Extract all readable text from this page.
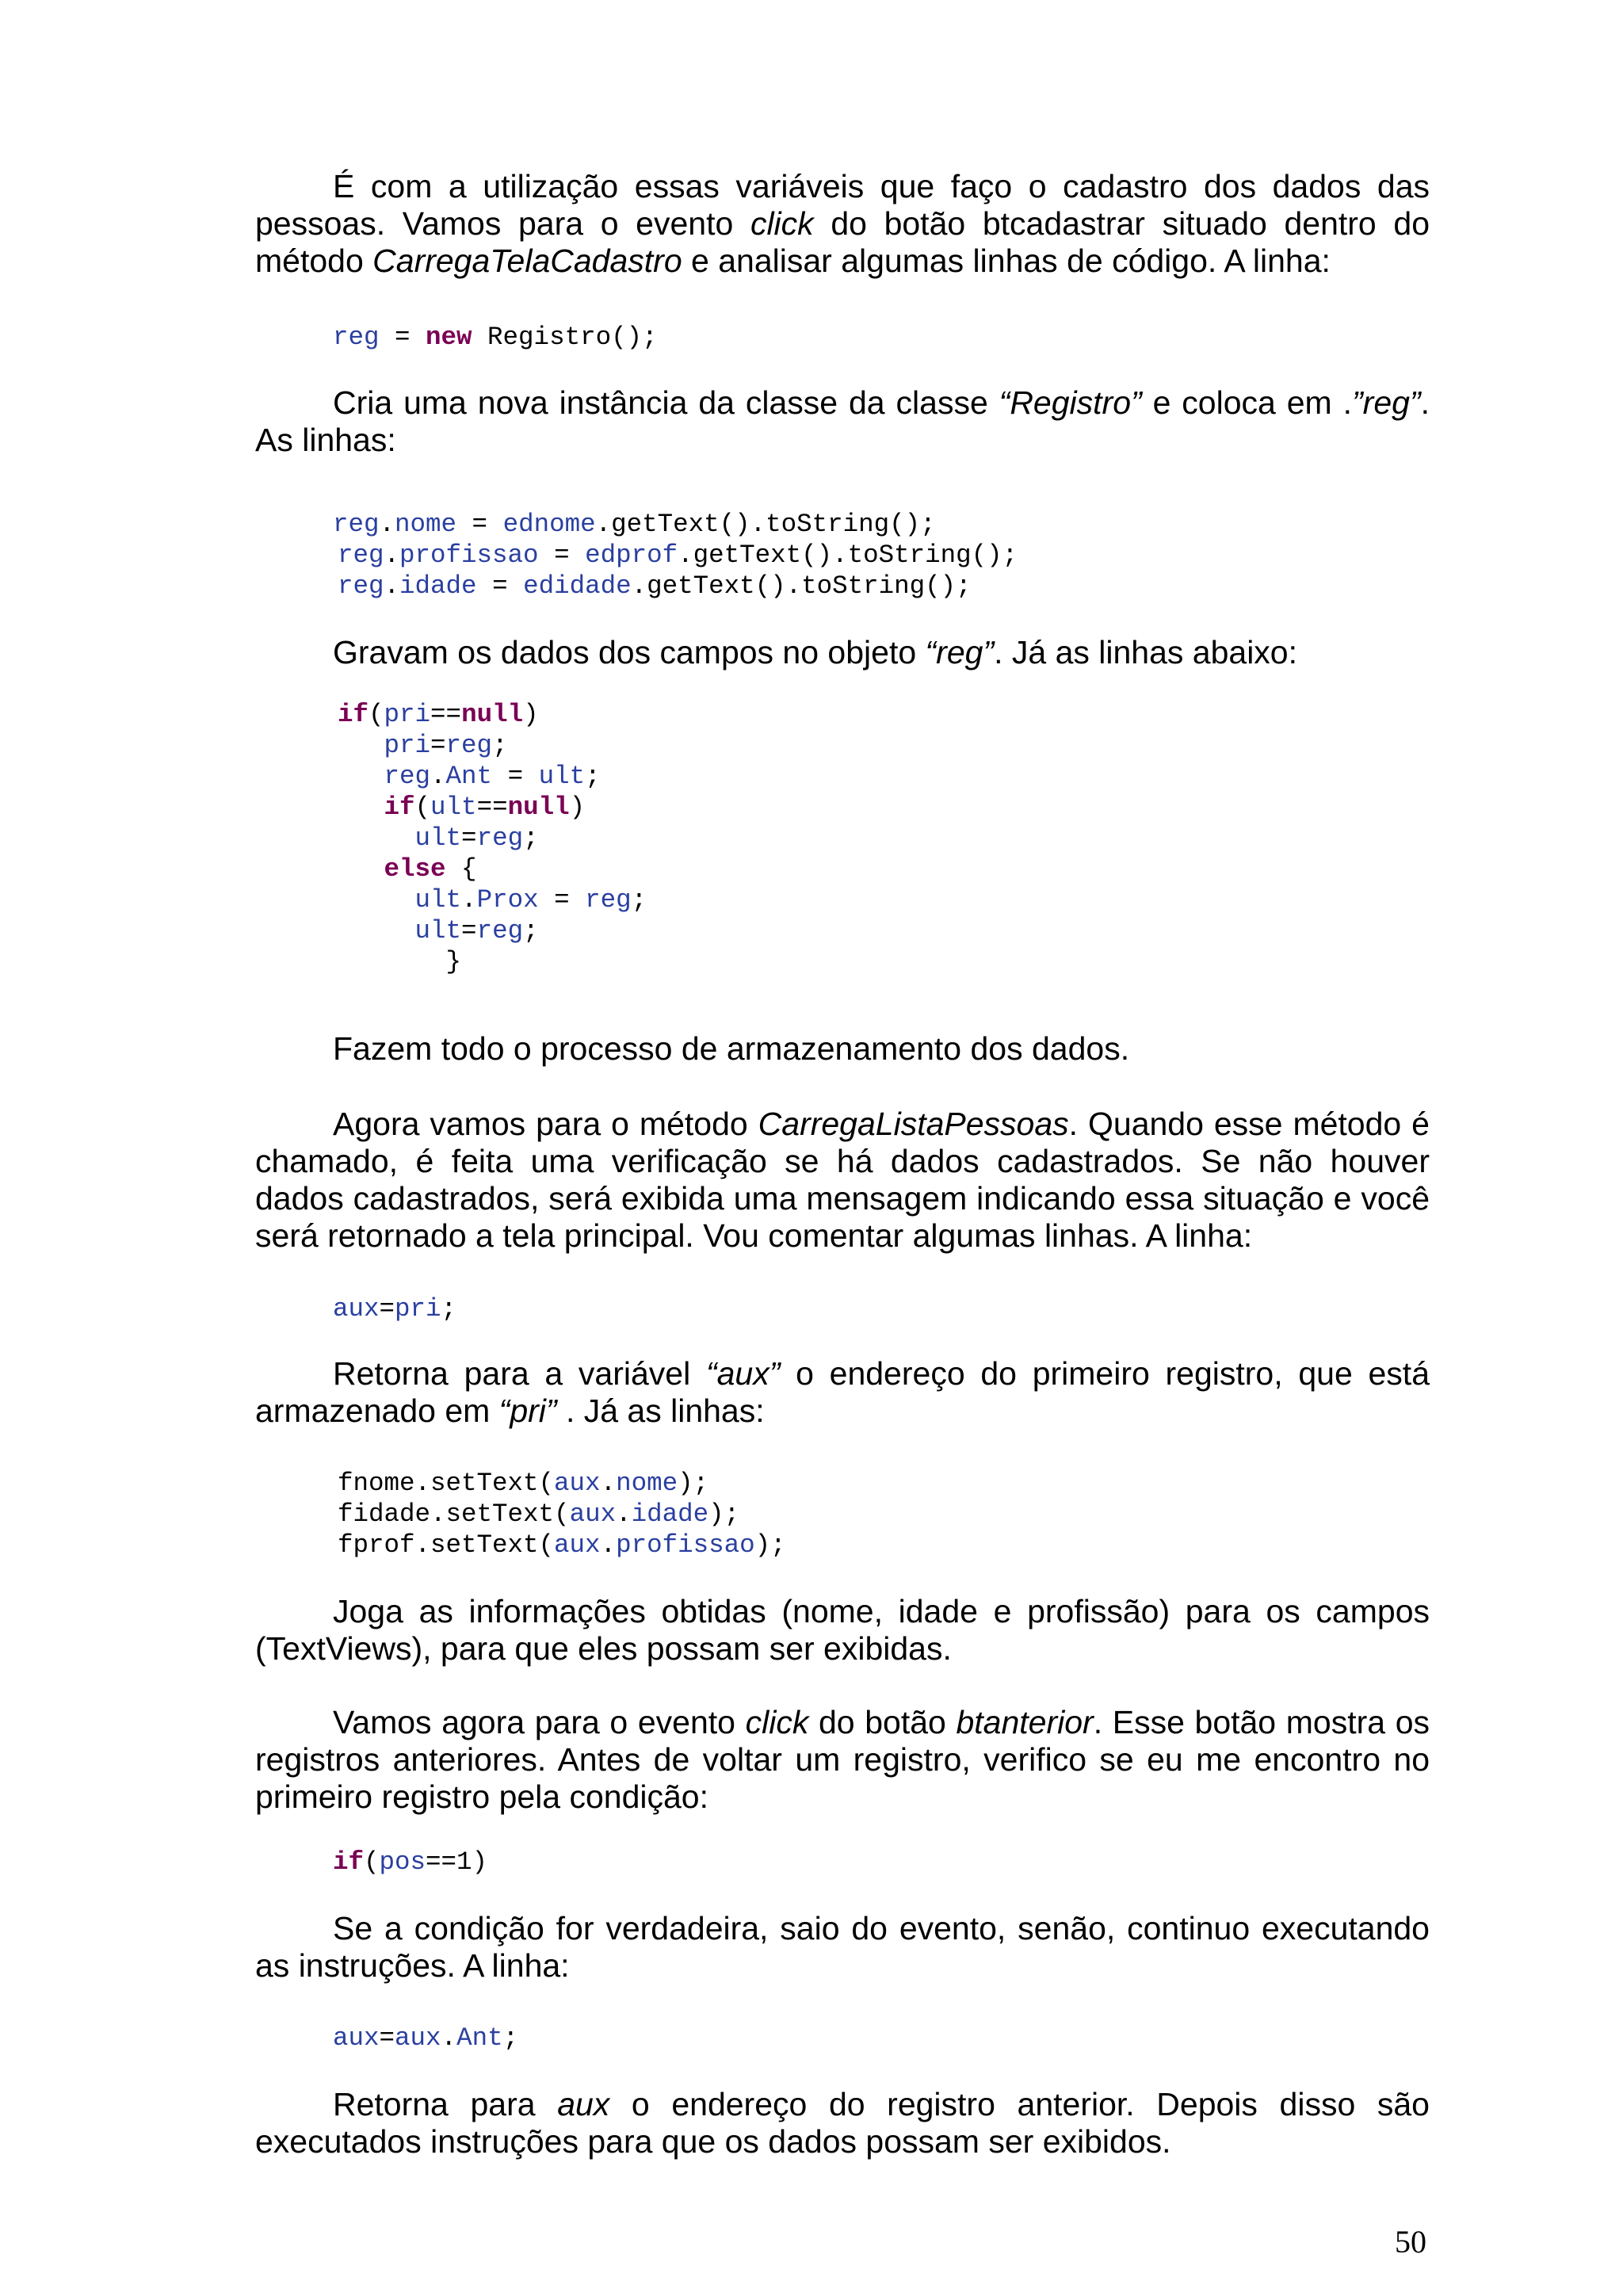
É com a utilização essas variáveis que faço o cadastro dos dados das pessoas. Vamos para o evento click do botão btcadastrar situado dentro do método CarregaTelaCadastro e analisar algumas linhas de código. A linha:

reg = new Registro();

Cria uma nova instância da classe da classe “Registro” e coloca em .”reg”. As linhas:

reg.nome = ednome.getText().toString();
reg.profissao = edprof.getText().toString();
reg.idade = edidade.getText().toString();

Gravam os dados dos campos no objeto “reg”. Já as linhas abaixo:

if(pri==null)
pri=reg;
reg.Ant = ult;
if(ult==null)
ult=reg;
else {
ult.Prox = reg;
ult=reg;
}

Fazem todo o processo de armazenamento dos dados.

Agora vamos para o método CarregaListaPessoas. Quando esse método é chamado, é feita uma verificação se há dados cadastrados. Se não houver dados cadastrados, será exibida uma mensagem indicando essa situação e você será retornado a tela principal. Vou comentar algumas linhas. A linha:

aux=pri;

Retorna para a variável “aux” o endereço do primeiro registro, que está armazenado em “pri” . Já as linhas:

fnome.setText(aux.nome);
fidade.setText(aux.idade);
fprof.setText(aux.profissao);

Joga as informações obtidas (nome, idade e profissão) para os campos (TextViews), para que eles possam ser exibidas.

Vamos agora para o evento click do botão btanterior. Esse botão mostra os registros anteriores. Antes de voltar um registro, verifico se eu me encontro no primeiro registro pela condição:

if(pos==1)

Se a condição for verdadeira, saio do evento, senão, continuo executando as instruções. A linha:

aux=aux.Ant;

Retorna para aux o endereço do registro anterior. Depois disso são executados instruções para que os dados possam ser exibidos.

50
